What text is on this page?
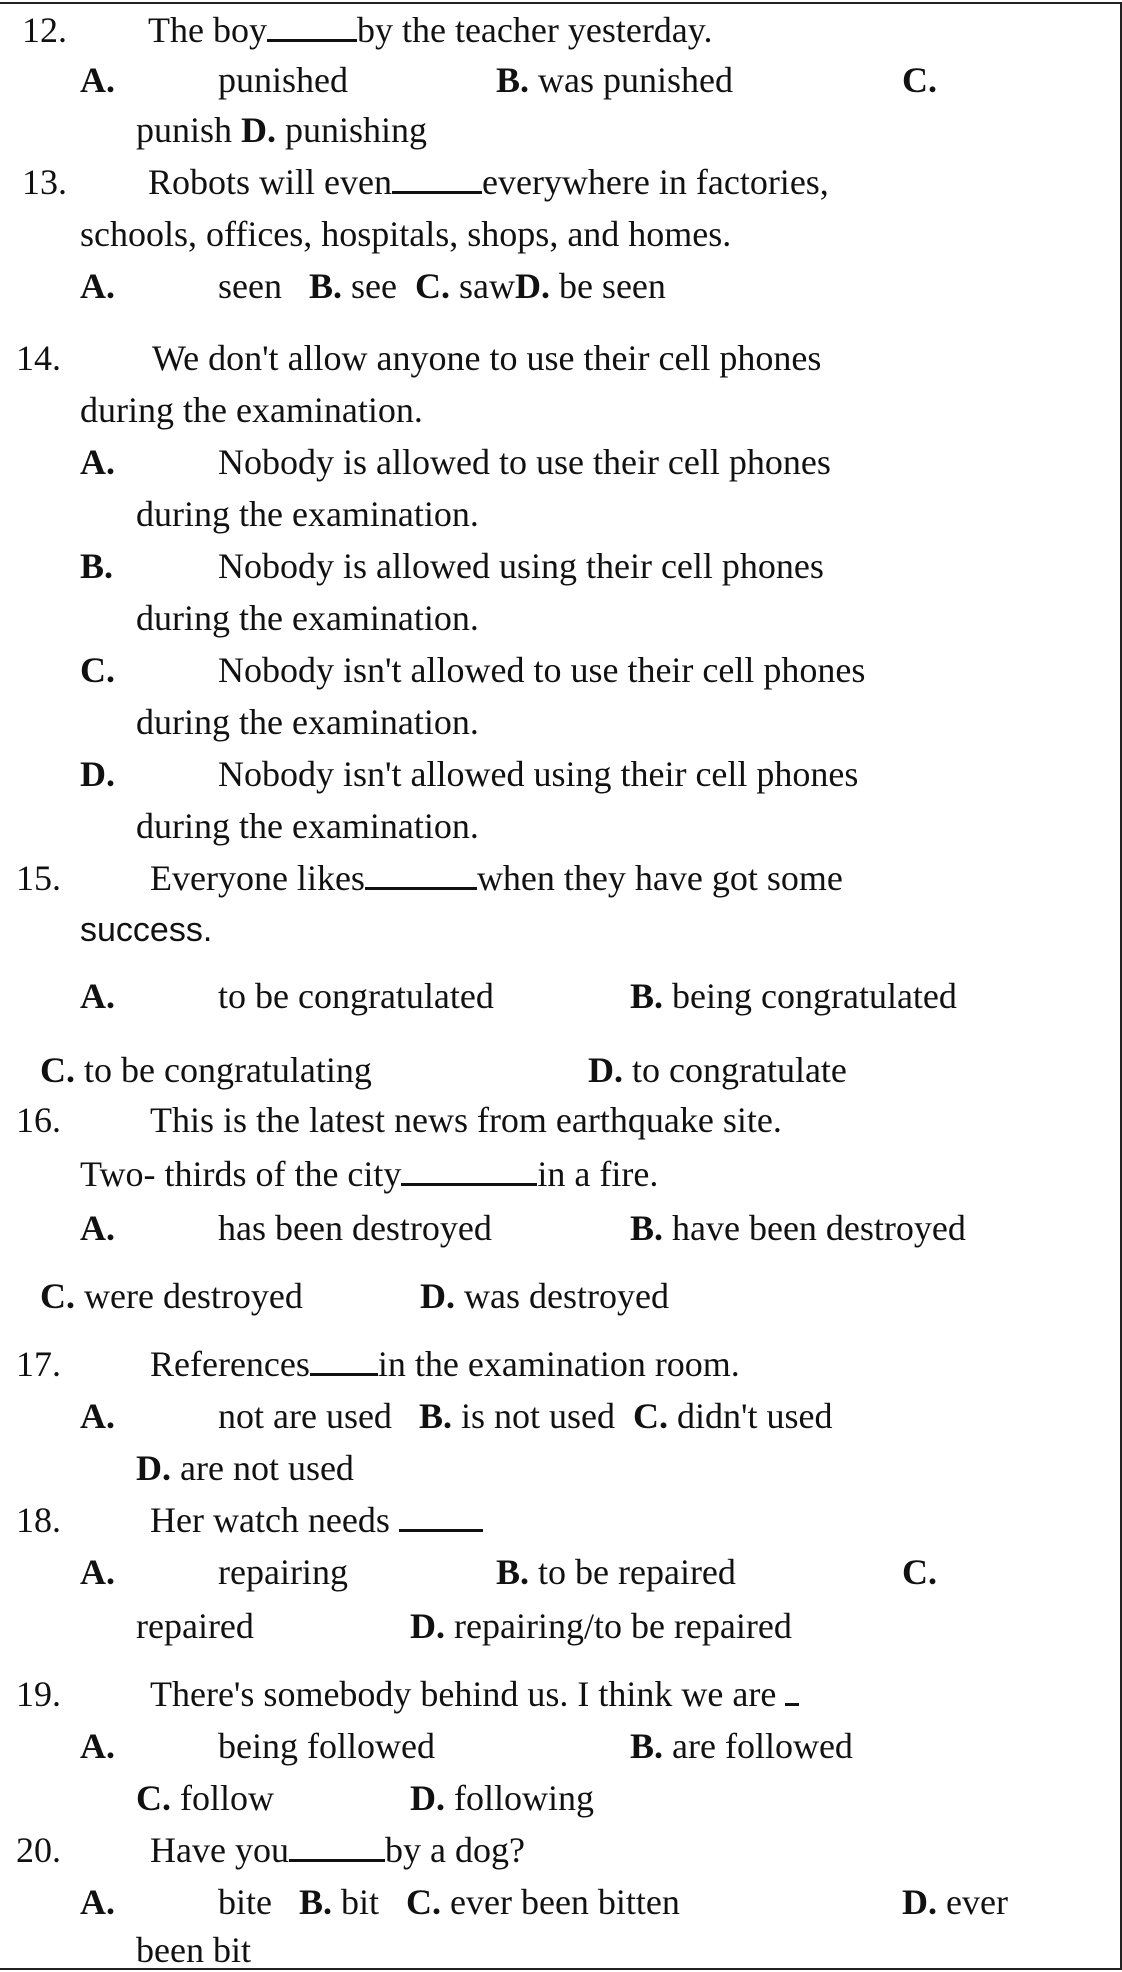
12. The boy	by the teacher yesterday.
A.	punished	B. was punished	C.
punish D. punishing
13. Robots will even	everywhere in factories,
schools, offices, hospitals, shops, and homes.
A.	seen B. see C. sawD. be seen
14.	We don't allow anyone to use their cell phones
during the examination.
A.	Nobody is allowed to use their cell phones
during the examination.
B.	Nobody is allowed using their cell phones
during the examination.
C.	Nobody isn't allowed to use their cell phones
during the examination.
D.	Nobody isn't allowed using their cell phones
during the examination.
15. Everyone likes	when they have got some
success.
A.	to be congratulated	B. being congratulated
C. to be congratulating	D. to congratulate
16. This is the latest news from earthquake site.
Two- thirds of the city	in a fire.
A.	has been destroyed	B. have been destroyed
C. were destroyed	D. was destroyed
17. References in the examination room.
A.	not are used B. is not used C. didn't used
D. are not used
18. Her watch needs
A.	repairing	B. to be repaired	C.
repaired	D. repairing/to be repaired
19. There's somebody behind us. I think we are
A.	being followed	B. are followed
C. follow	D. following
20. Have you	by a dog?
A.	bite B. bit C. ever been bitten	D. ever
been bit
